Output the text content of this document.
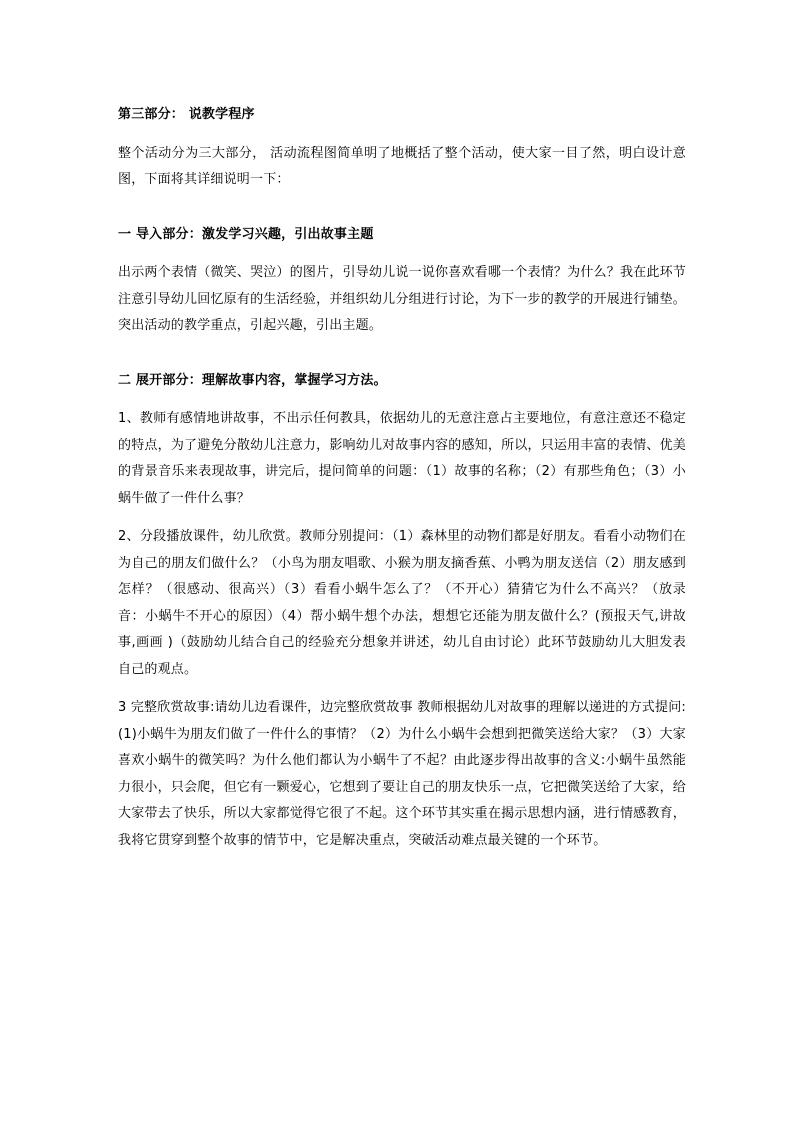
第三部分： 说教学程序

整个活动分为三大部分， 活动流程图简单明了地概括了整个活动，使大家一目了然，明白设计意图，下面将其详细说明一下：

一 导入部分：激发学习兴趣，引出故事主题

出示两个表情（微笑、哭泣）的图片，引导幼儿说一说你喜欢看哪一个表情？为什么？我在此环节注意引导幼儿回忆原有的生活经验，并组织幼儿分组进行讨论，为下一步的教学的开展进行铺垫。突出活动的教学重点，引起兴趣，引出主题。

二 展开部分：理解故事内容，掌握学习方法。

1、教师有感情地讲故事，不出示任何教具，依据幼儿的无意注意占主要地位，有意注意还不稳定的特点，为了避免分散幼儿注意力，影响幼儿对故事内容的感知，所以，只运用丰富的表情、优美的背景音乐来表现故事，讲完后，提问简单的问题：（1）故事的名称；（2）有那些角色；（3）小蜗牛做了一件什么事？

2、分段播放课件，幼儿欣赏。教师分别提问：（1）森林里的动物们都是好朋友。看看小动物们在为自己的朋友们做什么？（小鸟为朋友唱歌、小猴为朋友摘香蕉、小鸭为朋友送信（2）朋友感到怎样？（很感动、很高兴）（3）看看小蜗牛怎么了？（不开心）猜猜它为什么不高兴？（放录音：小蜗牛不开心的原因）（4）帮小蜗牛想个办法，想想它还能为朋友做什么？(预报天气,讲故事,画画 )（鼓励幼儿结合自己的经验充分想象并讲述，幼儿自由讨论）此环节鼓励幼儿大胆发表自己的观点。

3 完整欣赏故事:请幼儿边看课件，边完整欣赏故事 教师根据幼儿对故事的理解以递进的方式提问:(1)小蜗牛为朋友们做了一件什么的事情？（2）为什么小蜗牛会想到把微笑送给大家？（3）大家喜欢小蜗牛的微笑吗？为什么他们都认为小蜗牛了不起？由此逐步得出故事的含义:小蜗牛虽然能力很小，只会爬，但它有一颗爱心，它想到了要让自己的朋友快乐一点，它把微笑送给了大家，给大家带去了快乐，所以大家都觉得它很了不起。这个环节其实重在揭示思想内涵，进行情感教育，我将它贯穿到整个故事的情节中，它是解决重点，突破活动难点最关键的一个环节。
